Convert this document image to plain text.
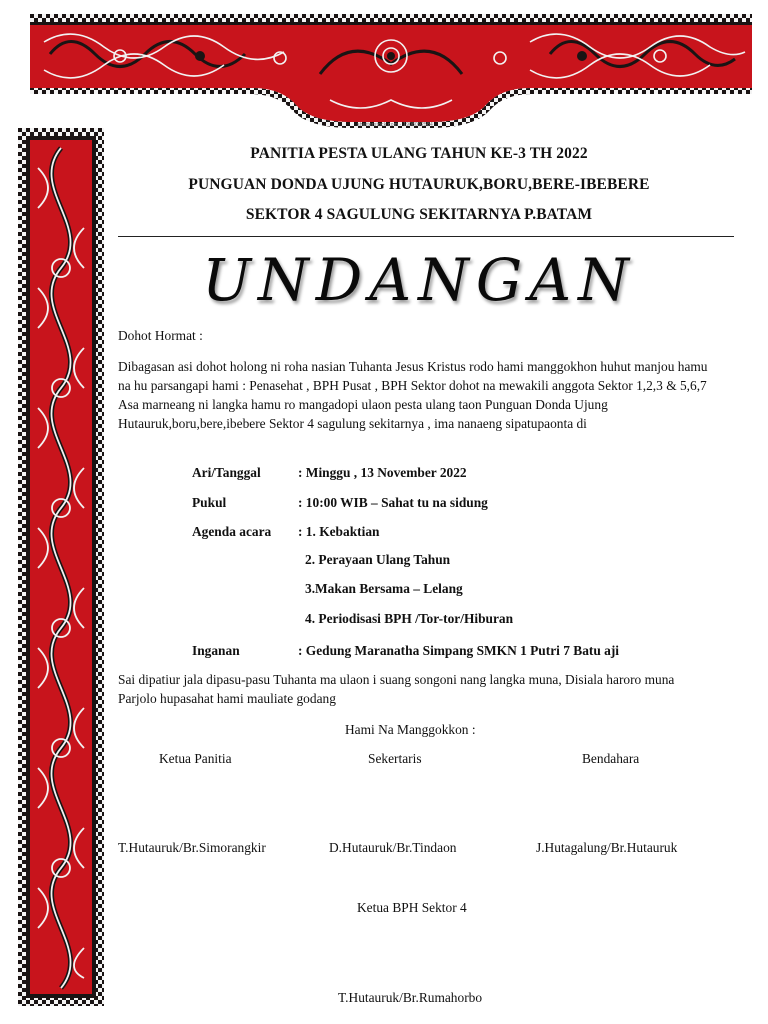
shutterstock.com · 1908092584
PANITIA PESTA ULANG TAHUN KE-3 TH 2022
PUNGUAN DONDA UJUNG HUTAURUK,BORU,BERE-IBEBERE
SEKTOR 4 SAGULUNG SEKITARNYA P.BATAM
UNDANGAN
Dohot Hormat :
Dibagasan asi dohot holong ni roha nasian Tuhanta Jesus Kristus rodo hami manggokhon huhut manjou hamu na hu parsangapi hami : Penasehat , BPH Pusat , BPH Sektor dohot na mewakili anggota Sektor 1,2,3 & 5,6,7 Asa marneang ni langka hamu ro mangadopi ulaon pesta ulang taon Punguan Donda Ujung Hutauruk,boru,bere,ibebere Sektor 4 sagulung sekitarnya , ima nanaeng sipatupaonta di
Ari/Tanggal	: Minggu , 13 November 2022
Pukul	: 10:00 WIB – Sahat tu na sidung
Agenda acara : 1. Kebaktian
2. Perayaan Ulang Tahun
3.Makan Bersama – Lelang
4. Periodisasi BPH /Tor-tor/Hiburan
Inganan	: Gedung Maranatha Simpang SMKN 1 Putri 7 Batu aji
Sai dipatiur jala dipasu-pasu Tuhanta ma ulaon i suang songoni nang langka muna, Disiala haroro muna Parjolo hupasahat hami mauliate godang
Hami Na Manggokkon :
Ketua Panitia	Sekertaris	Bendahara
T.Hutauruk/Br.Simorangkir	D.Hutauruk/Br.Tindaon	J.Hutagalung/Br.Hutauruk
Ketua BPH Sektor 4
T.Hutauruk/Br.Rumahorbo
